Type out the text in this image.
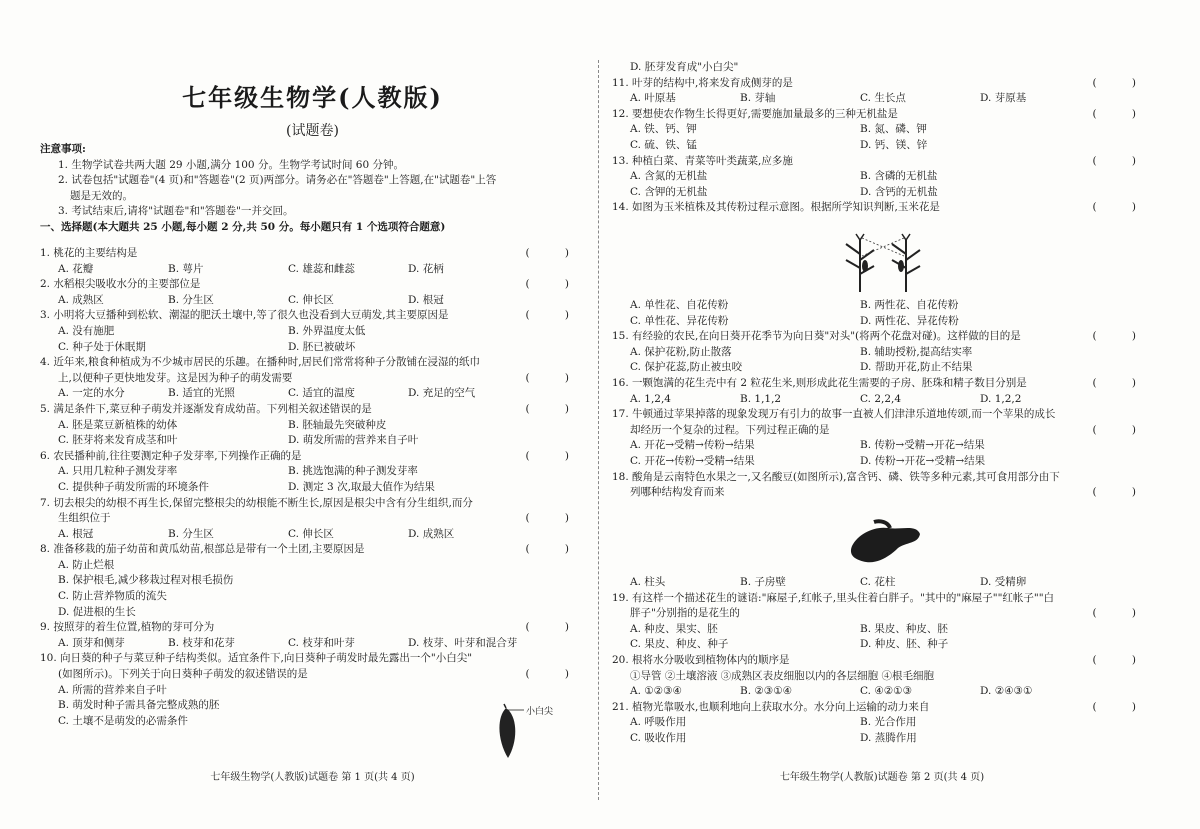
七年级生物学(人教版)
(试题卷)
注意事项:
1. 生物学试卷共两大题 29 小题,满分 100 分。生物学考试时间 60 分钟。
2. 试卷包括"试题卷"(4 页)和"答题卷"(2 页)两部分。请务必在"答题卷"上答题,在"试题卷"上答
题是无效的。
3. 考试结束后,请将"试题卷"和"答题卷"一并交回。
一、选择题(本大题共 25 小题,每小题 2 分,共 50 分。每小题只有 1 个选项符合题意)
1. 桃花的主要结构是	( )
A. 花瓣	B. 萼片	C. 雄蕊和雌蕊	D. 花柄
2. 水稻根尖吸收水分的主要部位是	( )
A. 成熟区	B. 分生区	C. 伸长区	D. 根冠
3. 小明将大豆播种到松软、潮湿的肥沃土壤中,等了很久也没看到大豆萌发,其主要原因是	( )
A. 没有施肥	B. 外界温度太低
C. 种子处于休眠期	D. 胚已被破坏
4. 近年来,粮食种植成为不少城市居民的乐趣。在播种时,居民们常常将种子分散铺在浸湿的纸巾
上,以便种子更快地发芽。这是因为种子的萌发需要	( )
A. 一定的水分	B. 适宜的光照	C. 适宜的温度	D. 充足的空气
5. 满足条件下,菜豆种子萌发并逐渐发育成幼苗。下列相关叙述错误的是	( )
A. 胚是菜豆新植株的幼体	B. 胚轴最先突破种皮
C. 胚芽将来发育成茎和叶	D. 萌发所需的营养来自子叶
6. 农民播种前,往往要测定种子发芽率,下列操作正确的是	( )
A. 只用几粒种子测发芽率	B. 挑选饱满的种子测发芽率
C. 提供种子萌发所需的环境条件	D. 测定 3 次,取最大值作为结果
7. 切去根尖的幼根不再生长,保留完整根尖的幼根能不断生长,原因是根尖中含有分生组织,而分
生组织位于	( )
A. 根冠	B. 分生区	C. 伸长区	D. 成熟区
8. 准备移栽的茄子幼苗和黄瓜幼苗,根部总是带有一个土团,主要原因是	( )
A. 防止烂根
B. 保护根毛,减少移栽过程对根毛损伤
C. 防止营养物质的流失
D. 促进根的生长
9. 按照芽的着生位置,植物的芽可分为	( )
A. 顶芽和侧芽	B. 枝芽和花芽	C. 枝芽和叶芽	D. 枝芽、叶芽和混合芽
10. 向日葵的种子与菜豆种子结构类似。适宜条件下,向日葵种子萌发时最先露出一个"小白尖"
(如图所示)。下列关于向日葵种子萌发的叙述错误的是	( )
A. 所需的营养来自子叶
B. 萌发时种子需具备完整成熟的胚
C. 土壤不是萌发的必需条件
小白尖
七年级生物学(人教版)试题卷 第 1 页(共 4 页)
D. 胚芽发育成"小白尖"
11. 叶芽的结构中,将来发育成侧芽的是	( )
A. 叶原基	B. 芽轴	C. 生长点	D. 芽原基
12. 要想使农作物生长得更好,需要施加量最多的三种无机盐是	( )
A. 铁、钙、钾	B. 氮、磷、钾
C. 硫、铁、锰	D. 钙、镁、锌
13. 种植白菜、青菜等叶类蔬菜,应多施	( )
A. 含氮的无机盐	B. 含磷的无机盐
C. 含钾的无机盐	D. 含钙的无机盐
14. 如图为玉米植株及其传粉过程示意图。根据所学知识判断,玉米花是	( )
A. 单性花、自花传粉	B. 两性花、自花传粉
C. 单性花、异花传粉	D. 两性花、异花传粉
15. 有经验的农民,在向日葵开花季节为向日葵"对头"(将两个花盘对碰)。这样做的目的是	( )
A. 保护花粉,防止散落	B. 辅助授粉,提高结实率
C. 保护花蕊,防止被虫咬	D. 帮助开花,防止不结果
16. 一颗饱满的花生壳中有 2 粒花生米,则形成此花生需要的子房、胚珠和精子数目分别是	( )
A. 1,2,4	B. 1,1,2	C. 2,2,4	D. 1,2,2
17. 牛顿通过苹果掉落的现象发现万有引力的故事一直被人们津津乐道地传颂,而一个苹果的成长
却经历一个复杂的过程。下列过程正确的是	( )
A. 开花→受精→传粉→结果	B. 传粉→受精→开花→结果
C. 开花→传粉→受精→结果	D. 传粉→开花→受精→结果
18. 酸角是云南特色水果之一,又名酸豆(如图所示),富含钙、磷、铁等多种元素,其可食用部分由下
列哪种结构发育而来	( )
A. 柱头	B. 子房壁	C. 花柱	D. 受精卵
19. 有这样一个描述花生的谜语:"麻屋子,红帐子,里头住着白胖子。"其中的"麻屋子""红帐子""白
胖子"分别指的是花生的	( )
A. 种皮、果实、胚	B. 果皮、种皮、胚
C. 果皮、种皮、种子	D. 种皮、胚、种子
20. 根将水分吸收到植物体内的顺序是	( )
①导管 ②土壤溶液 ③成熟区表皮细胞以内的各层细胞 ④根毛细胞
A. ①②③④	B. ②③①④	C. ④②①③	D. ②④③①
21. 植物光靠吸水,也顺利地向上获取水分。水分向上运输的动力来自	( )
A. 呼吸作用	B. 光合作用
C. 吸收作用	D. 蒸腾作用
七年级生物学(人教版)试题卷 第 2 页(共 4 页)
